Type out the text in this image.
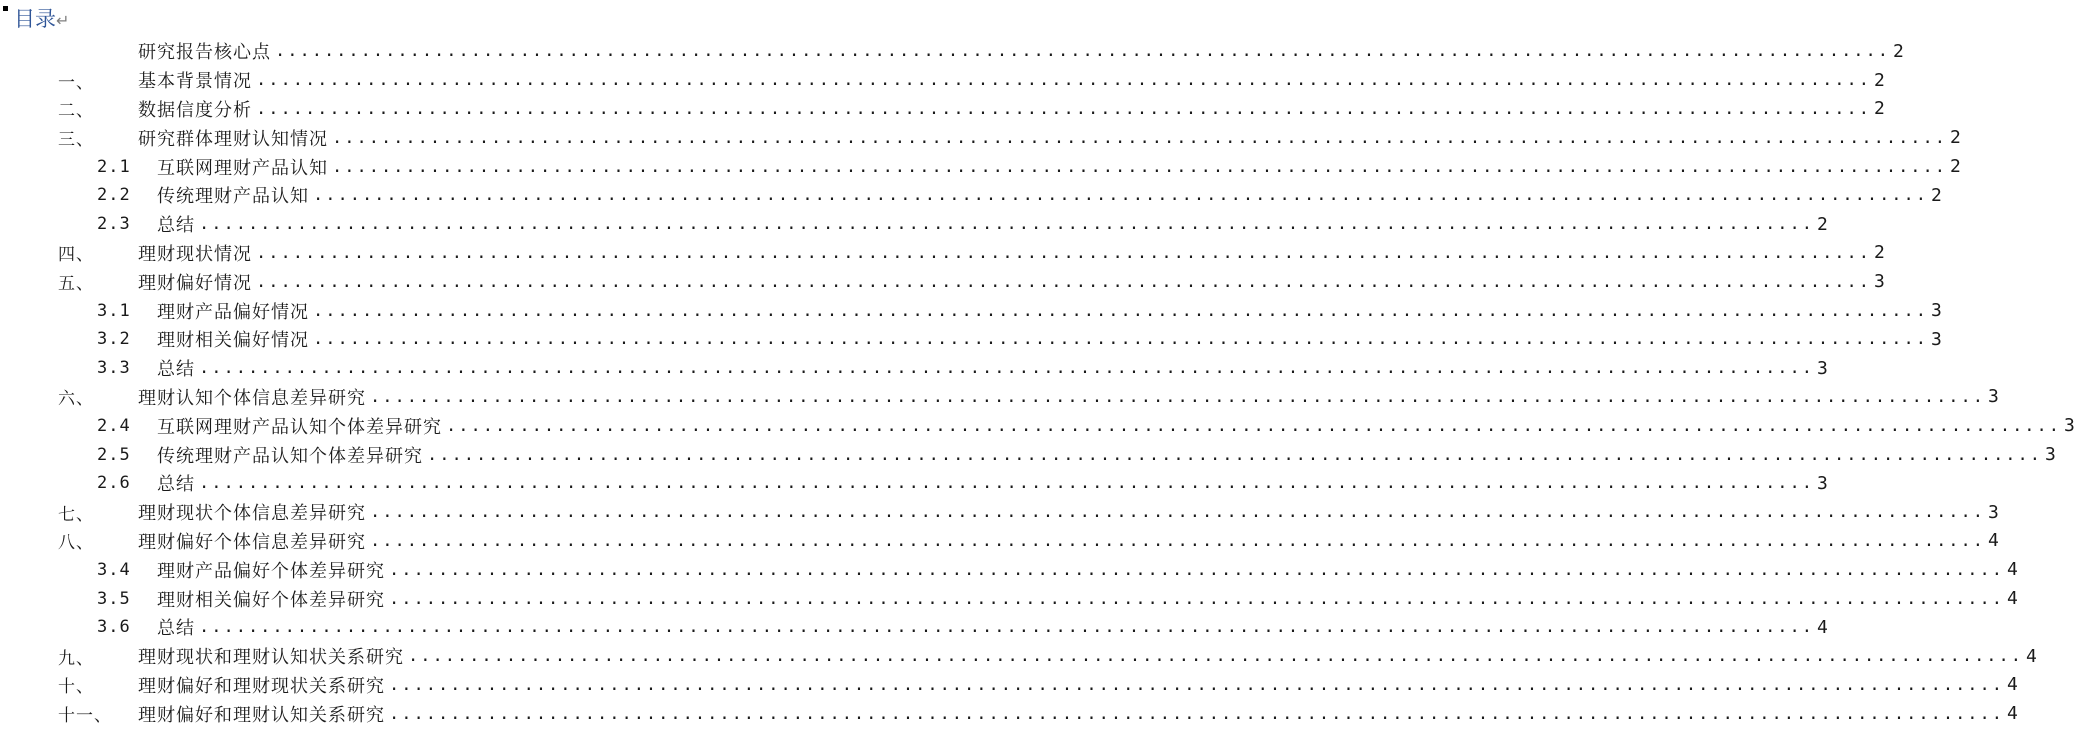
目录↵
研究报告核心点 .................................................................................................................................... 2
一、	基本背景情况 .................................................................................................................................... 2
二、	数据信度分析 .................................................................................................................................... 2
三、	研究群体理财认知情况 .................................................................................................................................... 2
2.1	互联网理财产品认知 .................................................................................................................................... 2
2.2	传统理财产品认知 .................................................................................................................................... 2
2.3	总结 .................................................................................................................................... 2
四、	理财现状情况 .................................................................................................................................... 2
五、	理财偏好情况 .................................................................................................................................... 3
3.1	理财产品偏好情况 .................................................................................................................................... 3
3.2	理财相关偏好情况 .................................................................................................................................... 3
3.3	总结 .................................................................................................................................... 3
六、	理财认知个体信息差异研究 .................................................................................................................................... 3
2.4	互联网理财产品认知个体差异研究 .................................................................................................................................... 3
2.5	传统理财产品认知个体差异研究 .................................................................................................................................... 3
2.6	总结 .................................................................................................................................... 3
七、	理财现状个体信息差异研究 .................................................................................................................................... 3
八、	理财偏好个体信息差异研究 .................................................................................................................................... 4
3.4	理财产品偏好个体差异研究 .................................................................................................................................... 4
3.5	理财相关偏好个体差异研究 .................................................................................................................................... 4
3.6	总结 .................................................................................................................................... 4
九、	理财现状和理财认知状关系研究 .................................................................................................................................... 4
十、	理财偏好和理财现状关系研究 .................................................................................................................................... 4
十一、	理财偏好和理财认知关系研究 .................................................................................................................................... 4
